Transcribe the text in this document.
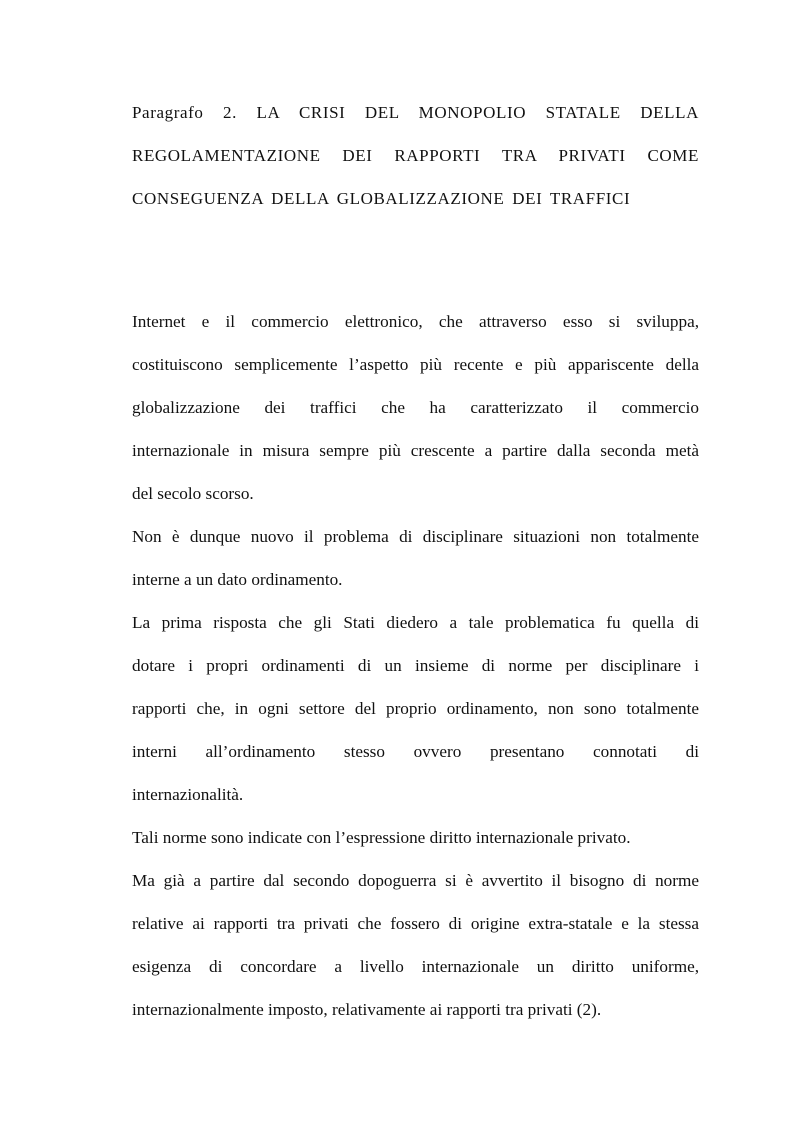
Paragrafo 2. LA CRISI DEL MONOPOLIO STATALE DELLA
REGOLAMENTAZIONE DEI RAPPORTI TRA PRIVATI COME
CONSEGUENZA DELLA GLOBALIZZAZIONE DEI TRAFFICI

Internet e il commercio elettronico, che attraverso esso si sviluppa,
costituiscono semplicemente l’aspetto più recente e più appariscente della
globalizzazione dei traffici che ha caratterizzato il commercio
internazionale in misura sempre più crescente a partire dalla seconda metà
del secolo scorso.

Non è dunque nuovo il problema di disciplinare situazioni non totalmente
interne a un dato ordinamento.

La prima risposta che gli Stati diedero a tale problematica fu quella di
dotare i propri ordinamenti di un insieme di norme per disciplinare i
rapporti che, in ogni settore del proprio ordinamento, non sono totalmente
interni all’ordinamento stesso ovvero presentano connotati di
internazionalità.

Tali norme sono indicate con l’espressione diritto internazionale privato.

Ma già a partire dal secondo dopoguerra si è avvertito il bisogno di norme
relative ai rapporti tra privati che fossero di origine extra-statale e la stessa
esigenza di concordare a livello internazionale un diritto uniforme,
internazionalmente imposto, relativamente ai rapporti tra privati (2).
